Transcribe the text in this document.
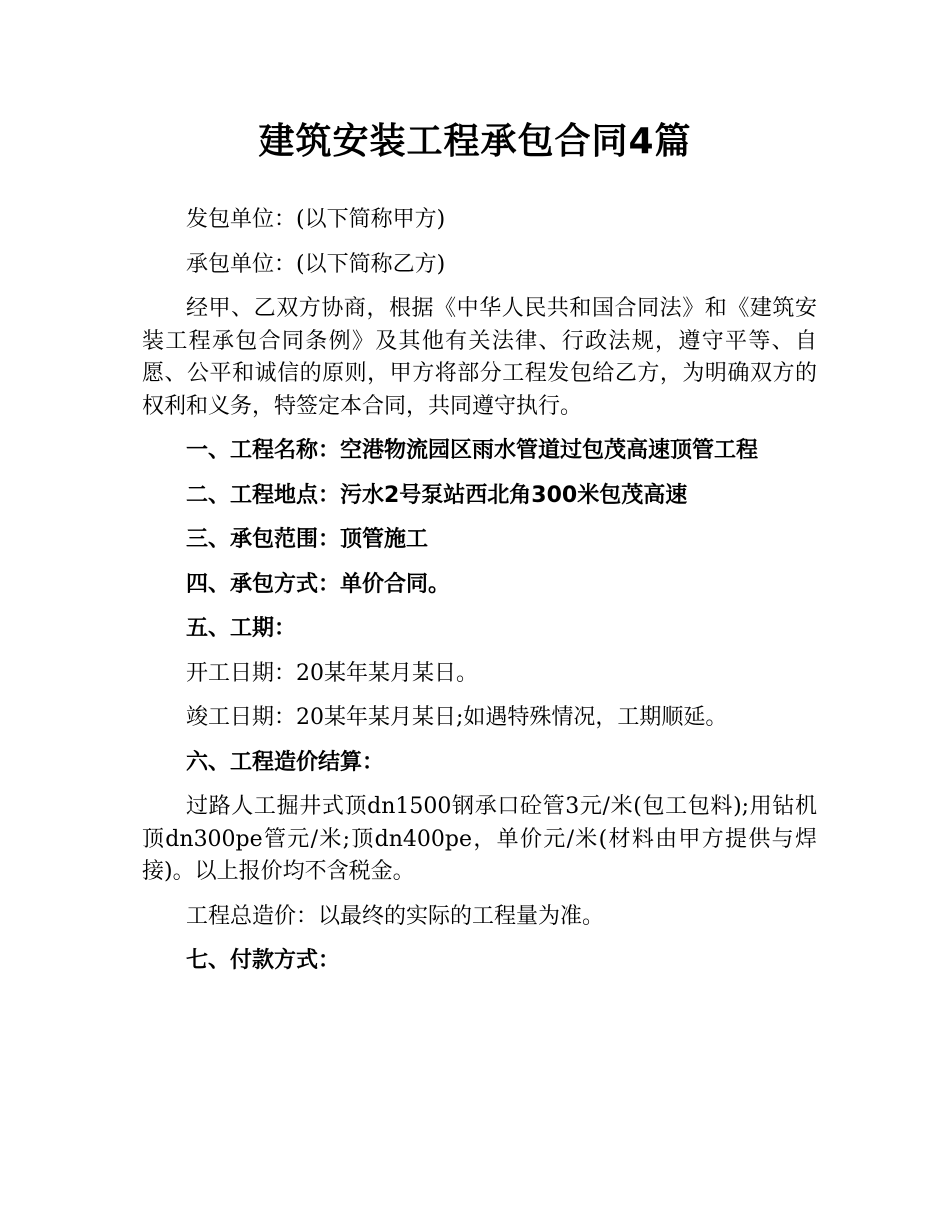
建筑安装工程承包合同4篇

发包单位：(以下简称甲方)

承包单位：(以下简称乙方)

经甲、乙双方协商，根据《中华人民共和国合同法》和《建筑安装工程承包合同条例》及其他有关法律、行政法规，遵守平等、自愿、公平和诚信的原则，甲方将部分工程发包给乙方，为明确双方的权利和义务，特签定本合同，共同遵守执行。

一、工程名称：空港物流园区雨水管道过包茂高速顶管工程

二、工程地点：污水2号泵站西北角300米包茂高速

三、承包范围：顶管施工

四、承包方式：单价合同。

五、工期：

开工日期：20某年某月某日。

竣工日期：20某年某月某日;如遇特殊情况，工期顺延。

六、工程造价结算：

过路人工掘井式顶dn1500钢承口砼管3元/米(包工包料);用钻机顶dn300pe管元/米;顶dn400pe，单价元/米(材料由甲方提供与焊接)。以上报价均不含税金。

工程总造价：以最终的实际的工程量为准。

七、付款方式：
